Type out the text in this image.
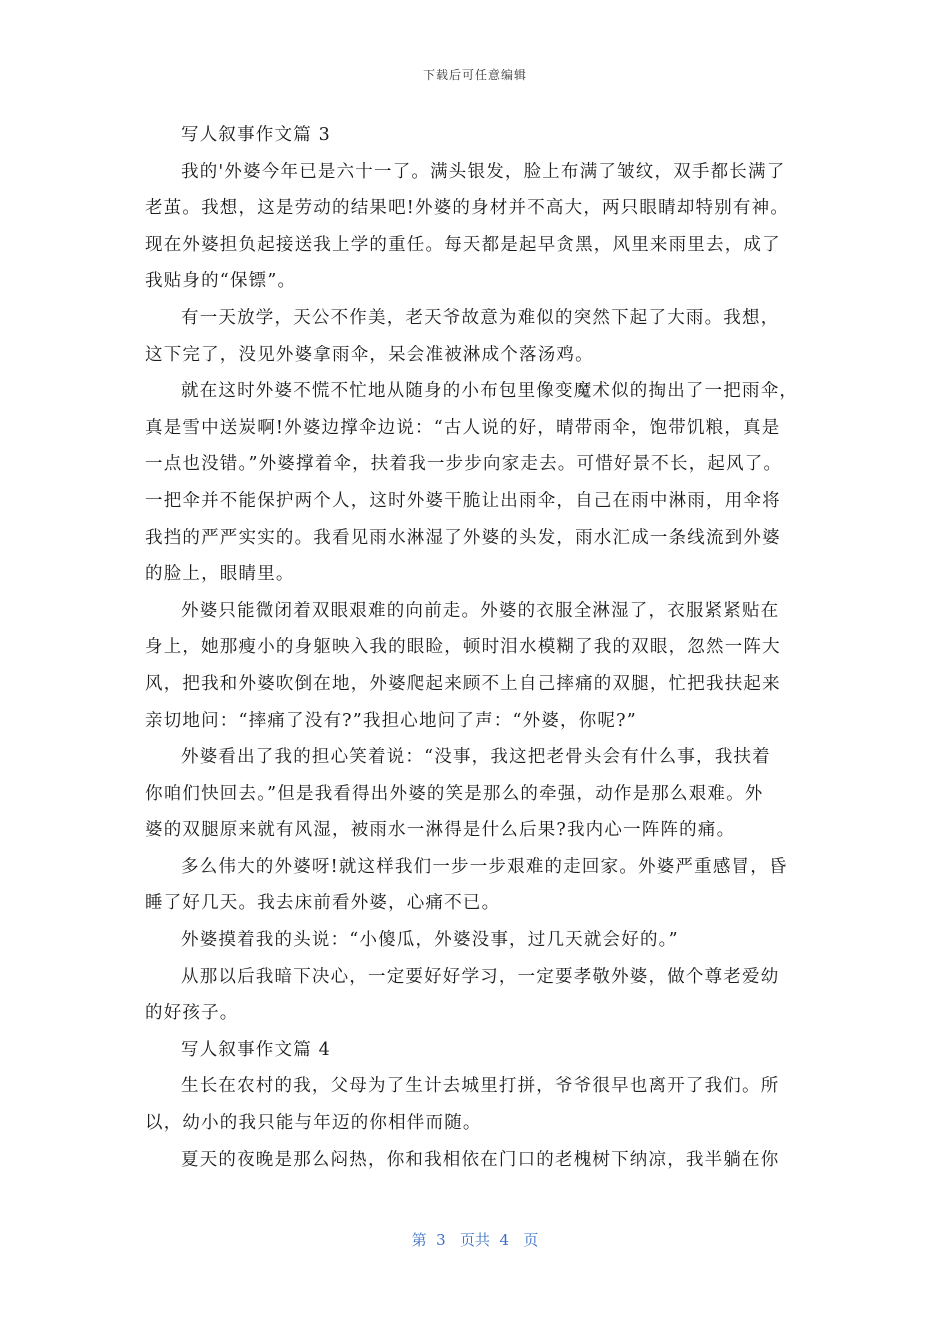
下载后可任意编辑
写人叙事作文篇 3
我的'外婆今年已是六十一了。满头银发，脸上布满了皱纹，双手都长满了
老茧。我想，这是劳动的结果吧!外婆的身材并不高大，两只眼睛却特别有神。
现在外婆担负起接送我上学的重任。每天都是起早贪黑，风里来雨里去，成了
我贴身的“保镖”。
有一天放学，天公不作美，老天爷故意为难似的突然下起了大雨。我想，
这下完了，没见外婆拿雨伞，呆会准被淋成个落汤鸡。
就在这时外婆不慌不忙地从随身的小布包里像变魔术似的掏出了一把雨伞，
真是雪中送炭啊!外婆边撑伞边说：“古人说的好，晴带雨伞，饱带饥粮，真是
一点也没错。”外婆撑着伞，扶着我一步步向家走去。可惜好景不长，起风了。
一把伞并不能保护两个人，这时外婆干脆让出雨伞，自己在雨中淋雨，用伞将
我挡的严严实实的。我看见雨水淋湿了外婆的头发，雨水汇成一条线流到外婆
的脸上，眼睛里。
外婆只能微闭着双眼艰难的向前走。外婆的衣服全淋湿了，衣服紧紧贴在
身上，她那瘦小的身躯映入我的眼睑，顿时泪水模糊了我的双眼，忽然一阵大
风，把我和外婆吹倒在地，外婆爬起来顾不上自己摔痛的双腿，忙把我扶起来
亲切地问：“摔痛了没有?”我担心地问了声：“外婆，你呢?”
外婆看出了我的担心笑着说：“没事，我这把老骨头会有什么事，我扶着
你咱们快回去。”但是我看得出外婆的笑是那么的牵强，动作是那么艰难。外
婆的双腿原来就有风湿，被雨水一淋得是什么后果?我内心一阵阵的痛。
多么伟大的外婆呀!就这样我们一步一步艰难的走回家。外婆严重感冒，昏
睡了好几天。我去床前看外婆，心痛不已。
外婆摸着我的头说：“小傻瓜，外婆没事，过几天就会好的。”
从那以后我暗下决心，一定要好好学习，一定要孝敬外婆，做个尊老爱幼
的好孩子。
写人叙事作文篇 4
生长在农村的我，父母为了生计去城里打拼，爷爷很早也离开了我们。所
以，幼小的我只能与年迈的你相伴而随。
夏天的夜晚是那么闷热，你和我相依在门口的老槐树下纳凉，我半躺在你
第  3   页共  4   页
